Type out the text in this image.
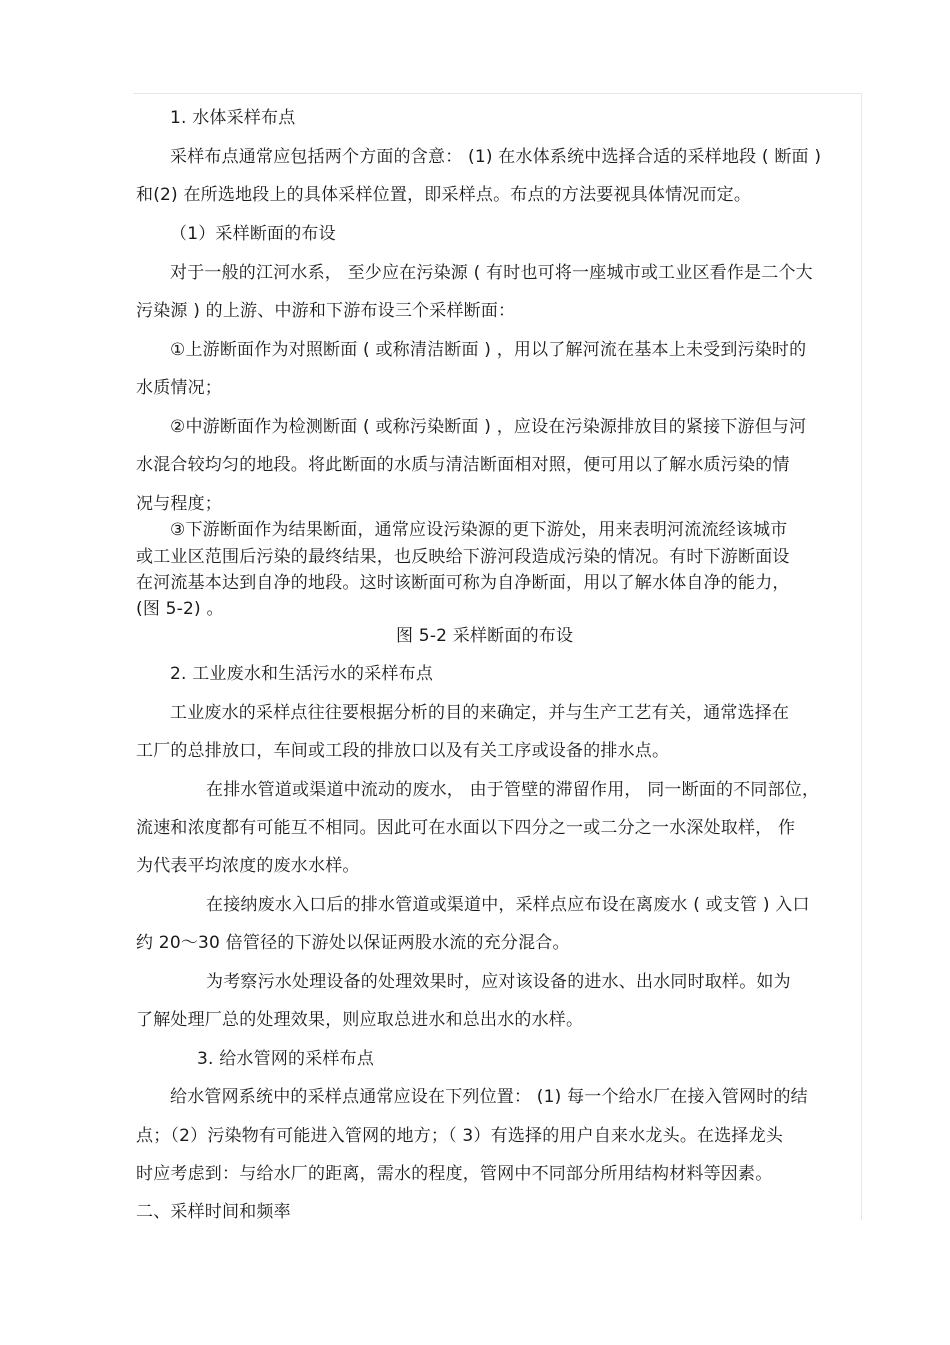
1. 水体采样布点
采样布点通常应包括两个方面的含意： (1) 在水体系统中选择合适的采样地段 ( 断面 )
和(2) 在所选地段上的具体采样位置，即采样点。布点的方法要视具体情况而定。
（1）采样断面的布设
对于一般的江河水系， 至少应在污染源 ( 有时也可将一座城市或工业区看作是二个大
污染源 ) 的上游、中游和下游布设三个采样断面：
①上游断面作为对照断面 ( 或称清洁断面 ) ，用以了解河流在基本上未受到污染时的
水质情况；
②中游断面作为检测断面 ( 或称污染断面 ) ，应设在污染源排放目的紧接下游但与河
水混合较均匀的地段。将此断面的水质与清洁断面相对照，便可用以了解水质污染的情
况与程度；
③下游断面作为结果断面，通常应设污染源的更下游处，用来表明河流流经该城市
或工业区范围后污染的最终结果，也反映给下游河段造成污染的情况。有时下游断面设
在河流基本达到自净的地段。这时该断面可称为自净断面，用以了解水体自净的能力，
(图 5-2) 。
图 5-2 采样断面的布设
2. 工业废水和生活污水的采样布点
工业废水的采样点往往要根据分析的目的来确定，并与生产工艺有关，通常选择在
工厂的总排放口，车间或工段的排放口以及有关工序或设备的排水点。
在排水管道或渠道中流动的废水， 由于管壁的滞留作用， 同一断面的不同部位，
流速和浓度都有可能互不相同。因此可在水面以下四分之一或二分之一水深处取样， 作
为代表平均浓度的废水水样。
在接纳废水入口后的排水管道或渠道中，采样点应布设在离废水 ( 或支管 ) 入口
约 20～30 倍管径的下游处以保证两股水流的充分混合。
为考察污水处理设备的处理效果时，应对该设备的进水、出水同时取样。如为
了解处理厂总的处理效果，则应取总进水和总出水的水样。
3. 给水管网的采样布点
给水管网系统中的采样点通常应设在下列位置： (1) 每一个给水厂在接入管网时的结
点；（2）污染物有可能进入管网的地方；（ 3）有选择的用户自来水龙头。在选择龙头
时应考虑到：与给水厂的距离，需水的程度，管网中不同部分所用结构材料等因素。
二、采样时间和频率
